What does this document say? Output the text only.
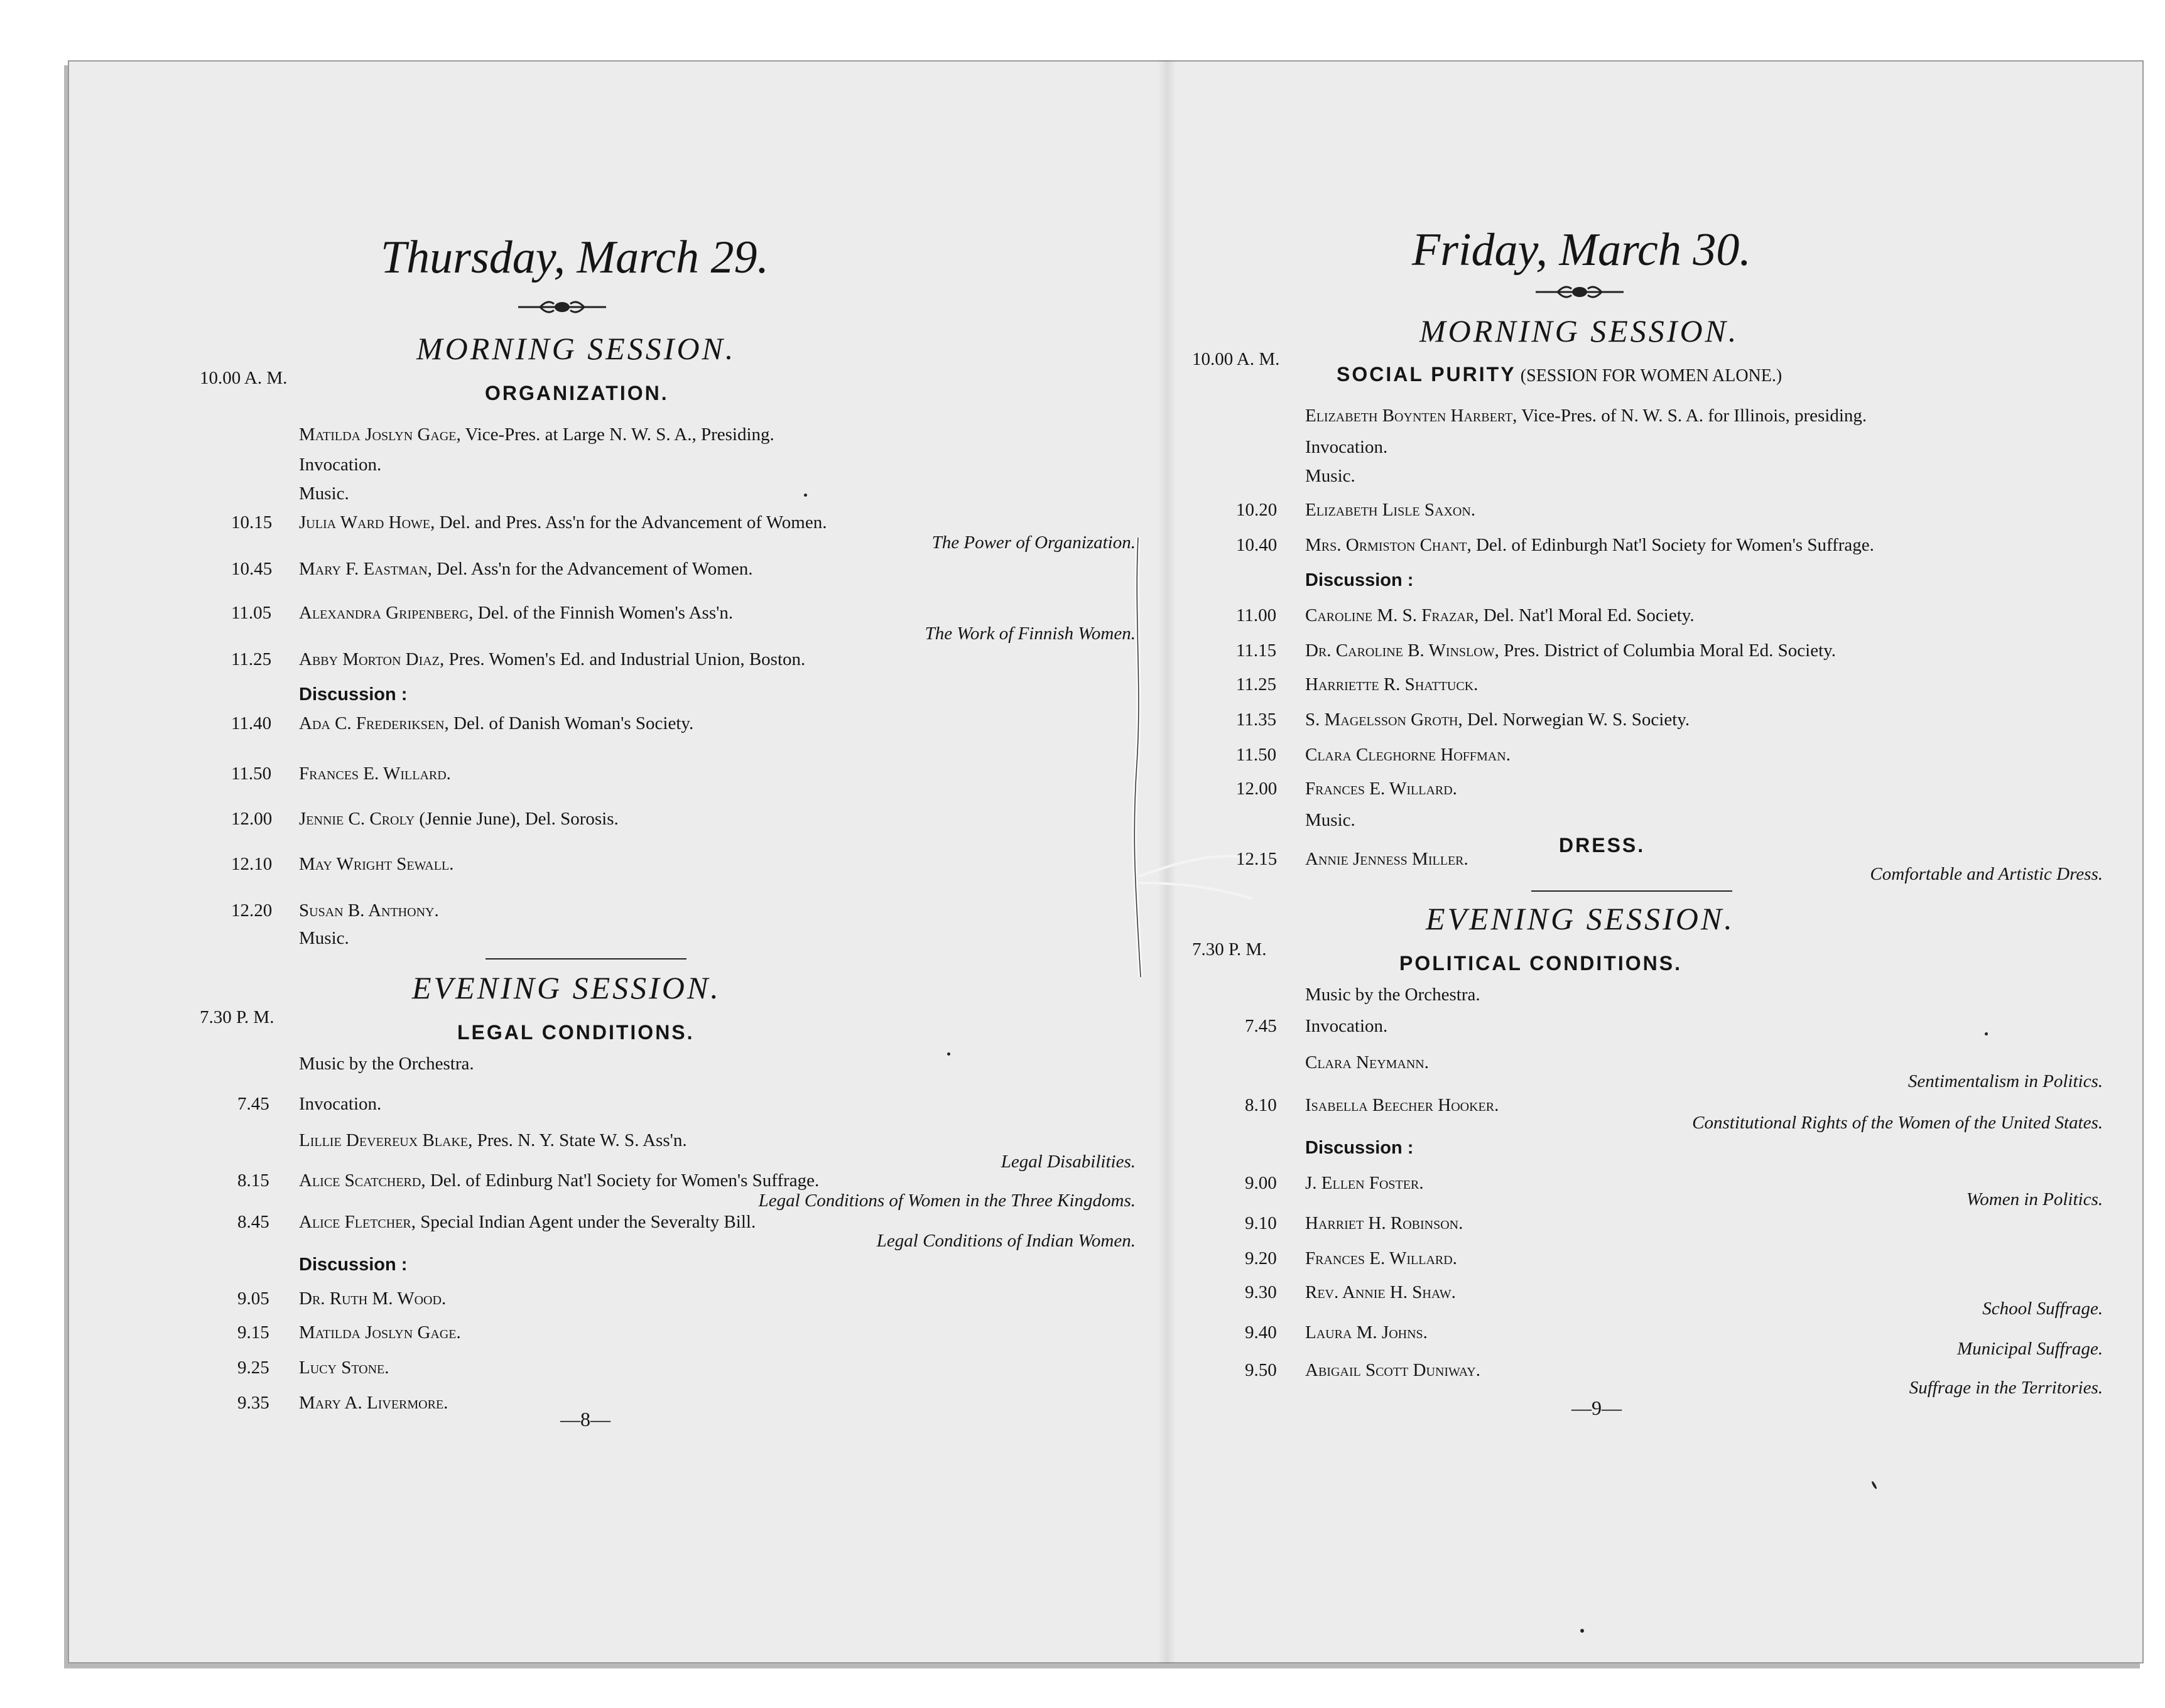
Thursday, March 29.
MORNING SESSION.
10.00 A. M.
ORGANIZATION.
Matilda Joslyn Gage, Vice-Pres. at Large N. W. S. A., Presiding.
Invocation.
Music.
10.15 Julia Ward Howe, Del. and Pres. Ass'n for the Advancement of Women.
The Power of Organization.
10.45 Mary F. Eastman, Del. Ass'n for the Advancement of Women.
11.05 Alexandra Gripenberg, Del. of the Finnish Women's Ass'n.
The Work of Finnish Women.
11.25 Abby Morton Diaz, Pres. Women's Ed. and Industrial Union, Boston.
Discussion :
11.40 Ada C. Frederiksen, Del. of Danish Woman's Society.
11.50 Frances E. Willard.
12.00 Jennie C. Croly (Jennie June), Del. Sorosis.
12.10 May Wright Sewall.
12.20 Susan B. Anthony.
Music.
EVENING SESSION.
7.30 P. M.
LEGAL CONDITIONS.
Music by the Orchestra.
7.45 Invocation.
Lillie Devereux Blake, Pres. N. Y. State W. S. Ass'n.
Legal Disabilities.
8.15 Alice Scatcherd, Del. of Edinburg Nat'l Society for Women's Suffrage.
Legal Conditions of Women in the Three Kingdoms.
8.45 Alice Fletcher, Special Indian Agent under the Severalty Bill.
Legal Conditions of Indian Women.
Discussion :
9.05 Dr. Ruth M. Wood.
9.15 Matilda Joslyn Gage.
9.25 Lucy Stone.
9.35 Mary A. Livermore.
—8—
Friday, March 30.
MORNING SESSION.
10.00 A. M.
SOCIAL PURITY (SESSION FOR WOMEN ALONE.)
Elizabeth Boynten Harbert, Vice-Pres. of N. W. S. A. for Illinois, presiding.
Invocation.
Music.
10.20 Elizabeth Lisle Saxon.
10.40 Mrs. Ormiston Chant, Del. of Edinburgh Nat'l Society for Women's Suffrage.
Discussion :
11.00 Caroline M. S. Frazar, Del. Nat'l Moral Ed. Society.
11.15 Dr. Caroline B. Winslow, Pres. District of Columbia Moral Ed. Society.
11.25 Harriette R. Shattuck.
11.35 S. Magelsson Groth, Del. Norwegian W. S. Society.
11.50 Clara Cleghorne Hoffman.
12.00 Frances E. Willard.
Music.
DRESS.
12.15 Annie Jenness Miller.
Comfortable and Artistic Dress.
EVENING SESSION.
7.30 P. M.
POLITICAL CONDITIONS.
Music by the Orchestra.
7.45 Invocation.
Clara Neymann.
Sentimentalism in Politics.
8.10 Isabella Beecher Hooker.
Constitutional Rights of the Women of the United States.
Discussion :
9.00 J. Ellen Foster.
Women in Politics.
9.10 Harriet H. Robinson.
9.20 Frances E. Willard.
9.30 Rev. Annie H. Shaw.
School Suffrage.
9.40 Laura M. Johns.
Municipal Suffrage.
9.50 Abigail Scott Duniway.
Suffrage in the Territories.
—9—
